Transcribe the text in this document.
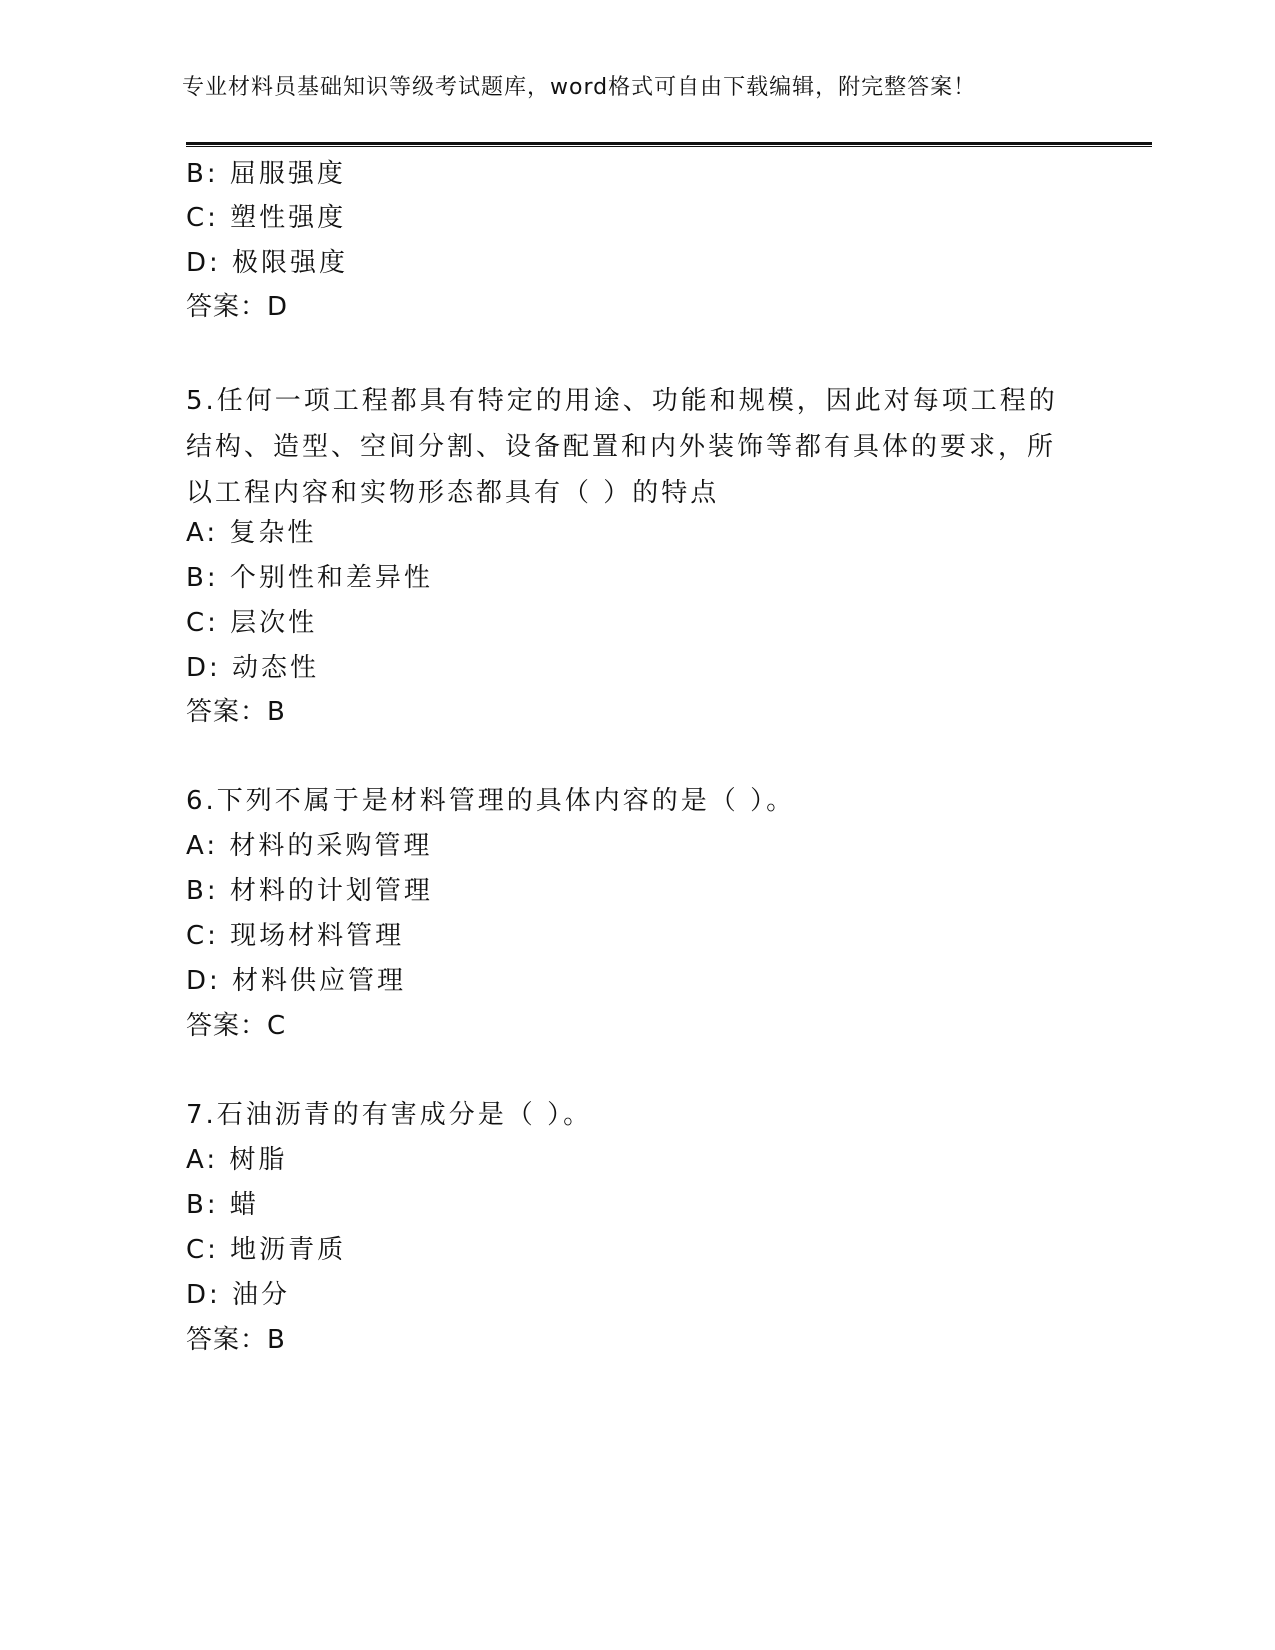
专业材料员基础知识等级考试题库，word格式可自由下载编辑，附完整答案！
B: 屈服强度
C: 塑性强度
D: 极限强度
答案：D
5.任何一项工程都具有特定的用途、功能和规模，因此对每项工程的
结构、造型、空间分割、设备配置和内外装饰等都有具体的要求，所
以工程内容和实物形态都具有（ ）的特点
A: 复杂性
B: 个别性和差异性
C: 层次性
D: 动态性
答案：B
6.下列不属于是材料管理的具体内容的是（ ）。
A: 材料的采购管理
B: 材料的计划管理
C: 现场材料管理
D: 材料供应管理
答案：C
7.石油沥青的有害成分是（ ）。
A: 树脂
B: 蜡
C: 地沥青质
D: 油分
答案：B
